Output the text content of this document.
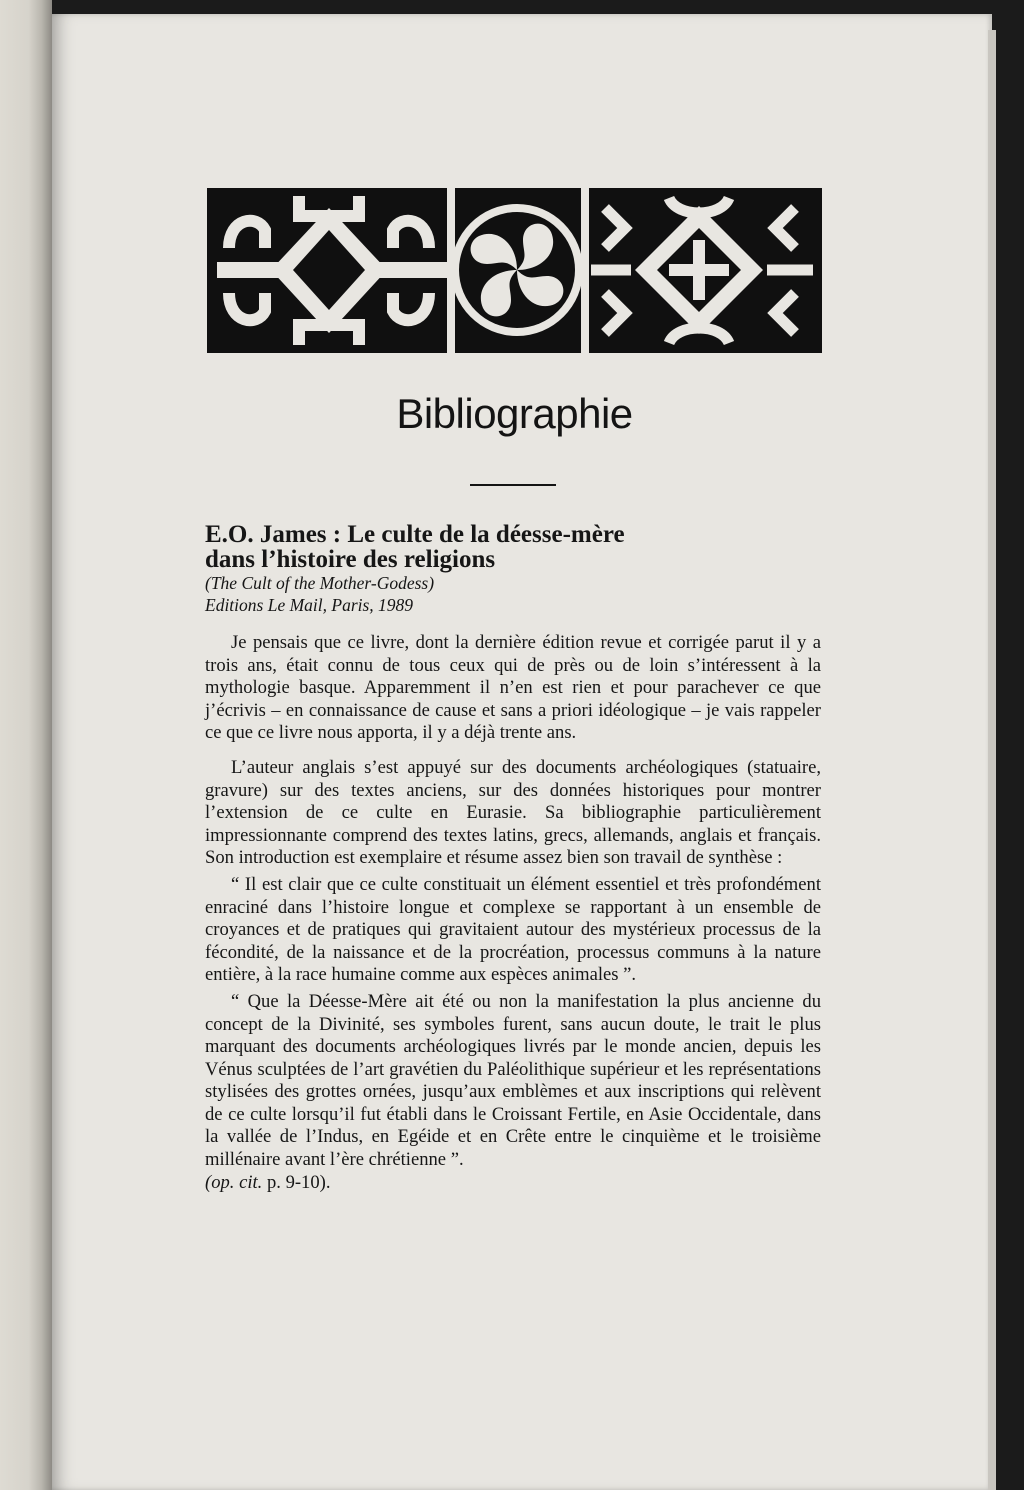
Bibliographie

E.O. James : Le culte de la déesse-mère

dans l’histoire des religions

(The Cult of the Mother-Godess)

Editions Le Mail, Paris, 1989

Je pensais que ce livre, dont la dernière édition revue et corrigée parut il y a trois ans, était connu de tous ceux qui de près ou de loin s’intéressent à la mythologie basque. Apparemment il n’en est rien et pour parachever ce que j’écrivis – en connaissance de cause et sans a priori idéologique – je vais rappeler ce que ce livre nous apporta, il y a déjà trente ans.

L’auteur anglais s’est appuyé sur des documents archéologiques (statuaire, gravure) sur des textes anciens, sur des données historiques pour montrer l’extension de ce culte en Eurasie. Sa bibliographie particulièrement impressionnante comprend des textes latins, grecs, allemands, anglais et français. Son introduction est exemplaire et résume assez bien son travail de synthèse :

“ Il est clair que ce culte constituait un élément essentiel et très profondément enraciné dans l’histoire longue et complexe se rapportant à un ensemble de croyances et de pratiques qui gravitaient autour des mystérieux processus de la fécondité, de la naissance et de la procréation, processus communs à la nature entière, à la race humaine comme aux espèces animales ”.

“ Que la Déesse-Mère ait été ou non la manifestation la plus ancienne du concept de la Divinité, ses symboles furent, sans aucun doute, le trait le plus marquant des documents archéologiques livrés par le monde ancien, depuis les Vénus sculptées de l’art gravétien du Paléolithique supérieur et les représentations stylisées des grottes ornées, jusqu’aux emblèmes et aux inscriptions qui relèvent de ce culte lorsqu’il fut établi dans le Croissant Fertile, en Asie Occidentale, dans la vallée de l’Indus, en Egéide et en Crête entre le cinquième et le troisième millénaire avant l’ère chrétienne ”.

(op. cit. p. 9-10).
